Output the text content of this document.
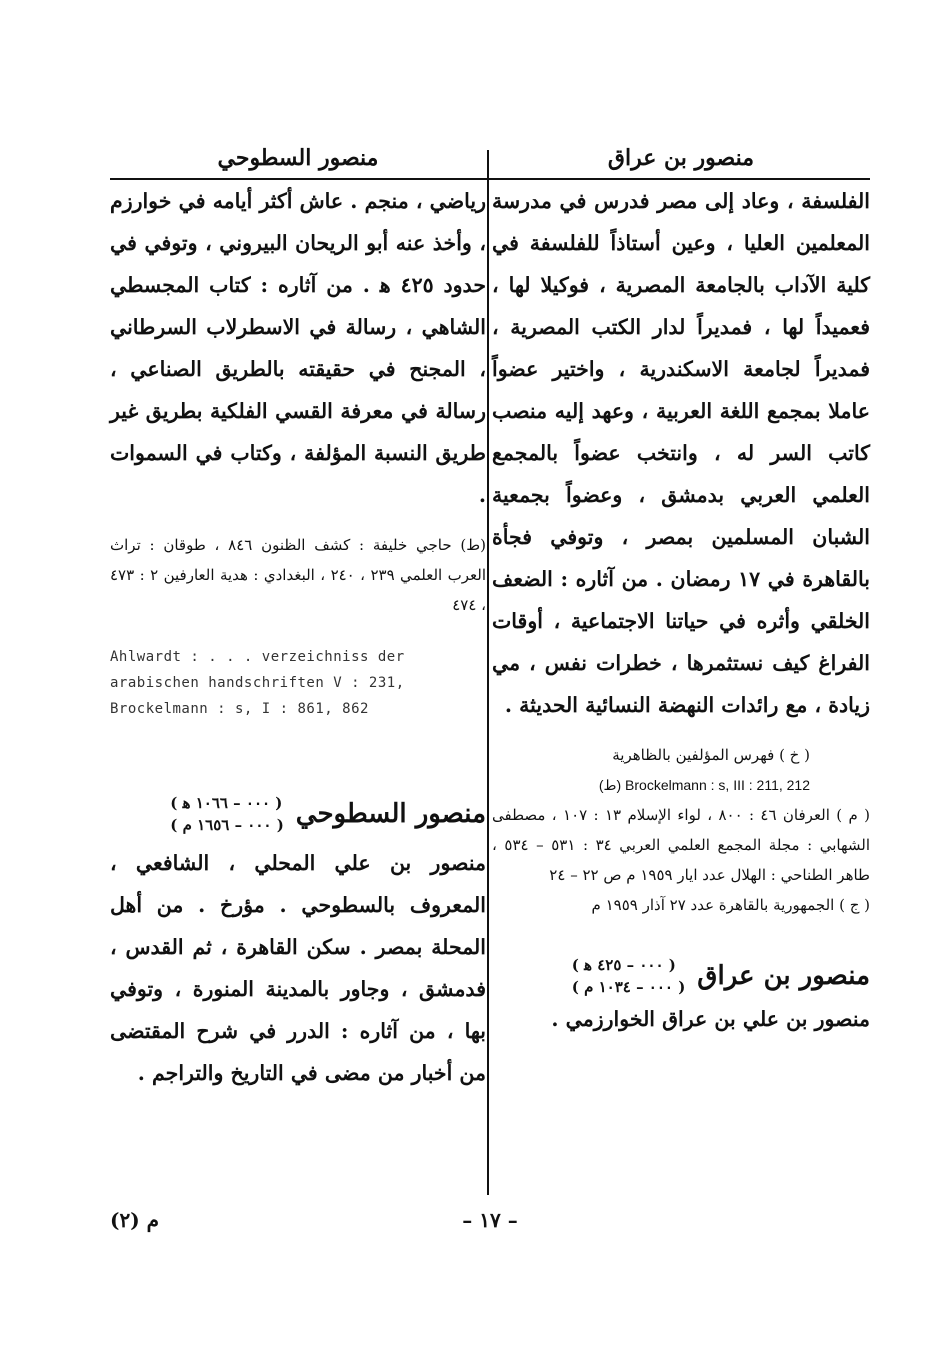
منصور بن عراق
منصور السطوحي

الفلسفة ، وعاد إلى مصر فدرس في مدرسة المعلمين العليا ، وعين أستاذاً للفلسفة في كلية الآداب بالجامعة المصرية ، فوكيلا لها ، فعميداً لها ، فمديراً لدار الكتب المصرية ، فمديراً لجامعة الاسكندرية ، واختير عضواً عاملا بمجمع اللغة العربية ، وعهد إليه منصب كاتب السر له ، وانتخب عضواً بالمجمع العلمي العربي بدمشق ، وعضواً بجمعية الشبان المسلمين بمصر ، وتوفي فجأة بالقاهرة في ١٧ رمضان . من آثاره : الضعف الخلقي وأثره في حياتنا الاجتماعية ، أوقات الفراغ كيف نستثمرها ، خطرات نفس ، مي زيادة ، مع رائدات النهضة النسائية الحديثة .

( خ ) فهرس المؤلفين بالظاهرية

(ط) Brockelmann : s, III : 211, 212

( م ) العرفان ٤٦ : ٨٠٠ ، لواء الإسلام ١٣ : ١٠٧ ، مصطفى الشهابي : مجلة المجمع العلمي العربي ٣٤ : ٥٣١ – ٥٣٤ ، طاهر الطناحي : الهلال عدد ايار ١٩٥٩ م ص ٢٢ – ٢٤

( ج ) الجمهورية بالقاهرة عدد ٢٧ آذار ١٩٥٩ م

منصور بن عراق
( ٠٠٠ – ٤٢٥ ﻫ )
( ٠٠٠ – ١٠٣٤ م )

منصور بن علي بن عراق الخوارزمي .

رياضي ، منجم . عاش أكثر أيامه في خوارزم ، وأخذ عنه أبو الريحان البيروني ، وتوفي في حدود ٤٢٥ ﻫ . من آثاره : كتاب المجسطي الشاهي ، رسالة في الاسطرلاب السرطاني ، المجنح في حقيقته بالطريق الصناعي ، رسالة في معرفة القسي الفلكية بطريق غير طريق النسبة المؤلفة ، وكتاب في السموات .

(ط) حاجي خليفة : كشف الظنون ٨٤٦ ، طوقان : تراث العرب العلمي ٢٣٩ ، ٢٤٠ ، البغدادي : هدية العارفين ٢ : ٤٧٣ ، ٤٧٤

Ahlwardt : . . . verzeichniss der arabischen handschriften V : 231, Brockelmann : s, I : 861, 862

منصور السطوحي
( ٠٠٠ – ١٠٦٦ ﻫ )
( ٠٠٠ – ١٦٥٦ م )

منصور بن علي المحلي ، الشافعي ، المعروف بالسطوحي . مؤرخ . من أهل المحلة بمصر . سكن القاهرة ، ثم القدس ، فدمشق ، وجاور بالمدينة المنورة ، وتوفي بها ، من آثاره : الدرر في شرح المقتضى من أخبار من مضى في التاريخ والتراجم .

– ١٧ –
م (٢)
